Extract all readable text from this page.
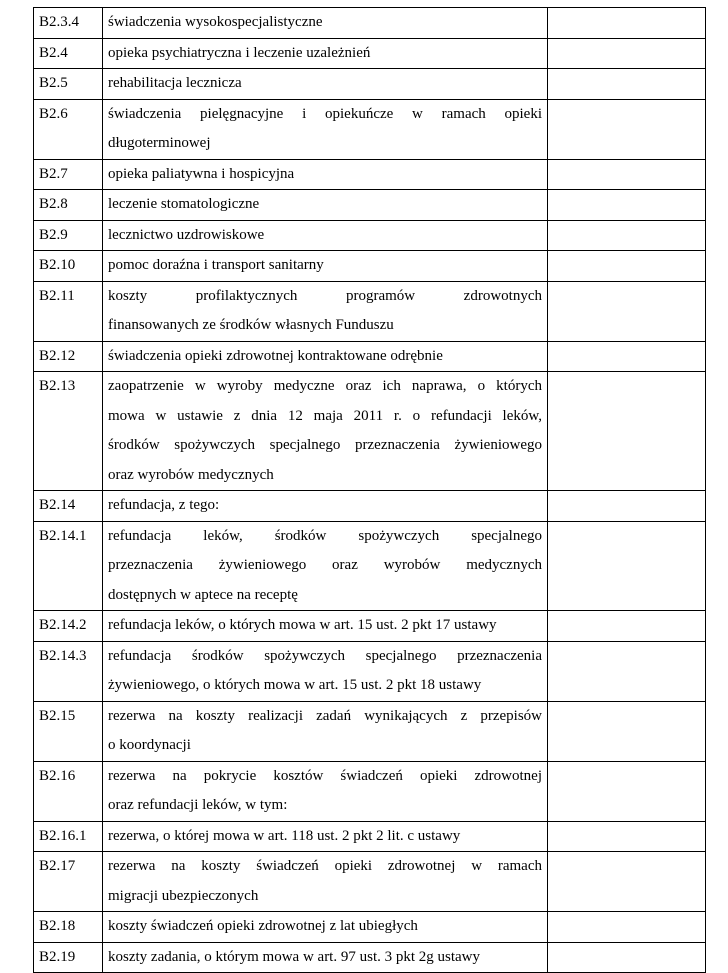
B2.3.4	świadczenia wysokospecjalistyczne	

B2.4	opieka psychiatryczna i leczenie uzależnień	

B2.5	rehabilitacja lecznicza	

B2.6	świadczenia pielęgnacyjne i opiekuńcze w ramach opieki
długoterminowej	

B2.7	opieka paliatywna i hospicyjna	

B2.8	leczenie stomatologiczne	

B2.9	lecznictwo uzdrowiskowe	

B2.10	pomoc doraźna i transport sanitarny	

B2.11	koszty profilaktycznych programów zdrowotnych
finansowanych ze środków własnych Funduszu	

B2.12	świadczenia opieki zdrowotnej kontraktowane odrębnie	

B2.13	zaopatrzenie w wyroby medyczne oraz ich naprawa, o których
mowa w ustawie z dnia 12 maja 2011 r. o refundacji leków,
środków spożywczych specjalnego przeznaczenia żywieniowego
oraz wyrobów medycznych	

B2.14	refundacja, z tego:	

B2.14.1	refundacja leków, środków spożywczych specjalnego
przeznaczenia żywieniowego oraz wyrobów medycznych
dostępnych w aptece na receptę	

B2.14.2	refundacja leków, o których mowa w art. 15 ust. 2 pkt 17 ustawy	

B2.14.3	refundacja środków spożywczych specjalnego przeznaczenia
żywieniowego, o których mowa w art. 15 ust. 2 pkt 18 ustawy	

B2.15	rezerwa na koszty realizacji zadań wynikających z przepisów
o koordynacji	

B2.16	rezerwa na pokrycie kosztów świadczeń opieki zdrowotnej
oraz refundacji leków, w tym:	

B2.16.1	rezerwa, o której mowa w art. 118 ust. 2 pkt 2 lit. c ustawy	

B2.17	rezerwa na koszty świadczeń opieki zdrowotnej w ramach
migracji ubezpieczonych	

B2.18	koszty świadczeń opieki zdrowotnej z lat ubiegłych	

B2.19	koszty zadania, o którym mowa w art. 97 ust. 3 pkt 2g ustawy	
